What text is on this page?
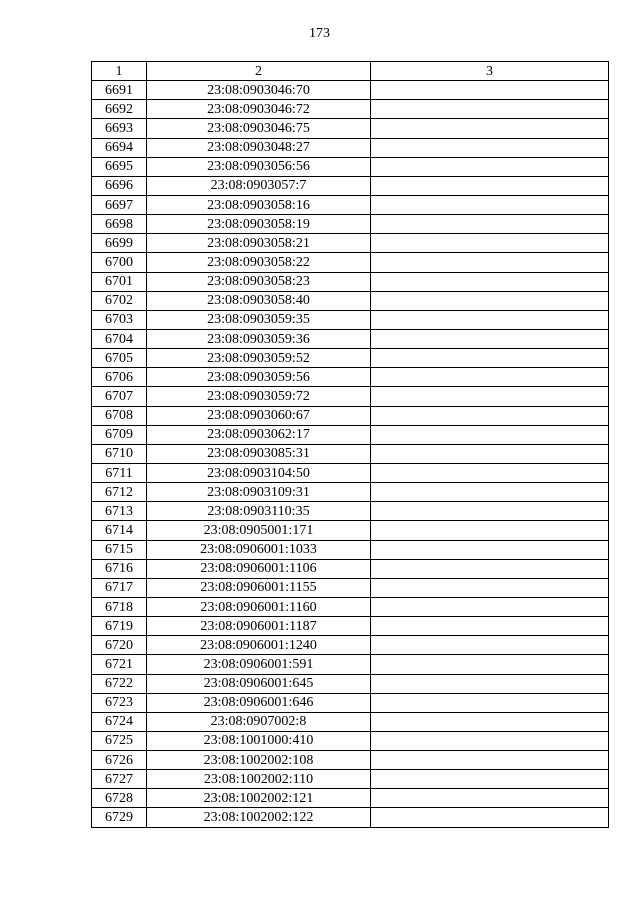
173
1	2	3
6691	23:08:0903046:70	
6692	23:08:0903046:72	
6693	23:08:0903046:75	
6694	23:08:0903048:27	
6695	23:08:0903056:56	
6696	23:08:0903057:7	
6697	23:08:0903058:16	
6698	23:08:0903058:19	
6699	23:08:0903058:21	
6700	23:08:0903058:22	
6701	23:08:0903058:23	
6702	23:08:0903058:40	
6703	23:08:0903059:35	
6704	23:08:0903059:36	
6705	23:08:0903059:52	
6706	23:08:0903059:56	
6707	23:08:0903059:72	
6708	23:08:0903060:67	
6709	23:08:0903062:17	
6710	23:08:0903085:31	
6711	23:08:0903104:50	
6712	23:08:0903109:31	
6713	23:08:0903110:35	
6714	23:08:0905001:171	
6715	23:08:0906001:1033	
6716	23:08:0906001:1106	
6717	23:08:0906001:1155	
6718	23:08:0906001:1160	
6719	23:08:0906001:1187	
6720	23:08:0906001:1240	
6721	23:08:0906001:591	
6722	23:08:0906001:645	
6723	23:08:0906001:646	
6724	23:08:0907002:8	
6725	23:08:1001000:410	
6726	23:08:1002002:108	
6727	23:08:1002002:110	
6728	23:08:1002002:121	
6729	23:08:1002002:122	
